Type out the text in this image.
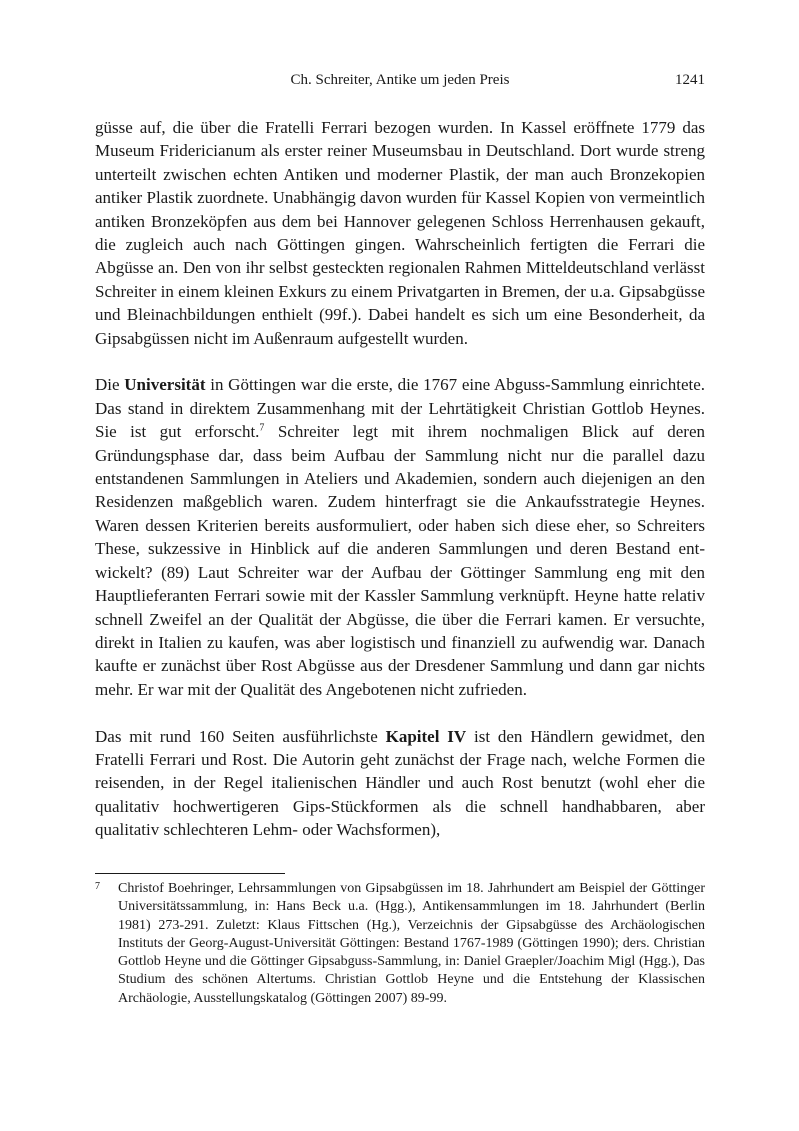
Ch. Schreiter, Antike um jeden Preis	1241

güsse auf, die über die Fratelli Ferrari bezogen wurden. In Kassel eröffnete 1779 das Museum Fridericianum als erster reiner Museumsbau in Deutschland. Dort wurde streng unterteilt zwischen echten Antiken und moderner Plastik, der man auch Bronzekopien antiker Plastik zuordnete. Unabhängig davon wurden für Kassel Kopien von vermeintlich antiken Bronzeköpfen aus dem bei Hannover gelegenen Schloss Herrenhausen gekauft, die zugleich auch nach Göttingen gingen. Wahrscheinlich fertigten die Ferrari die Abgüsse an. Den von ihr selbst gesteckten regionalen Rahmen Mitteldeutschland verlässt Schreiter in einem kleinen Exkurs zu einem Privatgarten in Bremen, der u.a. Gipsabgüsse und Bleinachbildungen enthielt (99f.). Dabei handelt es sich um eine Besonderheit, da Gipsabgüssen nicht im Außenraum aufgestellt wurden.

Die Universität in Göttingen war die erste, die 1767 eine Abguss-Sammlung einrichtete. Das stand in direktem Zusammenhang mit der Lehrtätigkeit Christian Gottlob Heynes. Sie ist gut erforscht.$^7$ Schreiter legt mit ihrem nochmaligen Blick auf deren Gründungsphase dar, dass beim Aufbau der Sammlung nicht nur die parallel dazu entstandenen Sammlungen in Ateliers und Akademien, sondern auch diejenigen an den Residenzen maßgeblich waren. Zudem hinterfragt sie die Ankaufsstrategie Heynes. Waren dessen Kriterien bereits ausformuliert, oder haben sich diese eher, so Schreiters These, sukzessive in Hinblick auf die anderen Sammlungen und deren Bestand entwickelt? (89) Laut Schreiter war der Aufbau der Göttinger Sammlung eng mit den Hauptlieferanten Ferrari sowie mit der Kassler Sammlung verknüpft. Heyne hatte relativ schnell Zweifel an der Qualität der Abgüsse, die über die Ferrari kamen. Er versuchte, direkt in Italien zu kaufen, was aber logistisch und finanziell zu aufwendig war. Danach kaufte er zunächst über Rost Abgüsse aus der Dresdener Sammlung und dann gar nichts mehr. Er war mit der Qualität des Angebotenen nicht zufrieden.

Das mit rund 160 Seiten ausführlichste Kapitel IV ist den Händlern gewidmet, den Fratelli Ferrari und Rost. Die Autorin geht zunächst der Frage nach, welche Formen die reisenden, in der Regel italienischen Händler und auch Rost benutzt (wohl eher die qualitativ hochwertigeren Gips-Stückformen als die schnell handhabbaren, aber qualitativ schlechteren Lehm- oder Wachsformen),

7 Christof Boehringer, Lehrsammlungen von Gipsabgüssen im 18. Jahrhundert am Beispiel der Göttinger Universitätssammlung, in: Hans Beck u.a. (Hgg.), Antikensammlungen im 18. Jahrhundert (Berlin 1981) 273-291. Zuletzt: Klaus Fittschen (Hg.), Verzeichnis der Gipsabgüsse des Archäologischen Instituts der Georg-August-Universität Göttingen: Bestand 1767-1989 (Göttingen 1990); ders. Christian Gottlob Heyne und die Göttinger Gipsabguss-Sammlung, in: Daniel Graepler/Joachim Migl (Hgg.), Das Studium des schönen Altertums. Christian Gottlob Heyne und die Entstehung der Klassischen Archäologie, Ausstellungskatalog (Göttingen 2007) 89-99.
